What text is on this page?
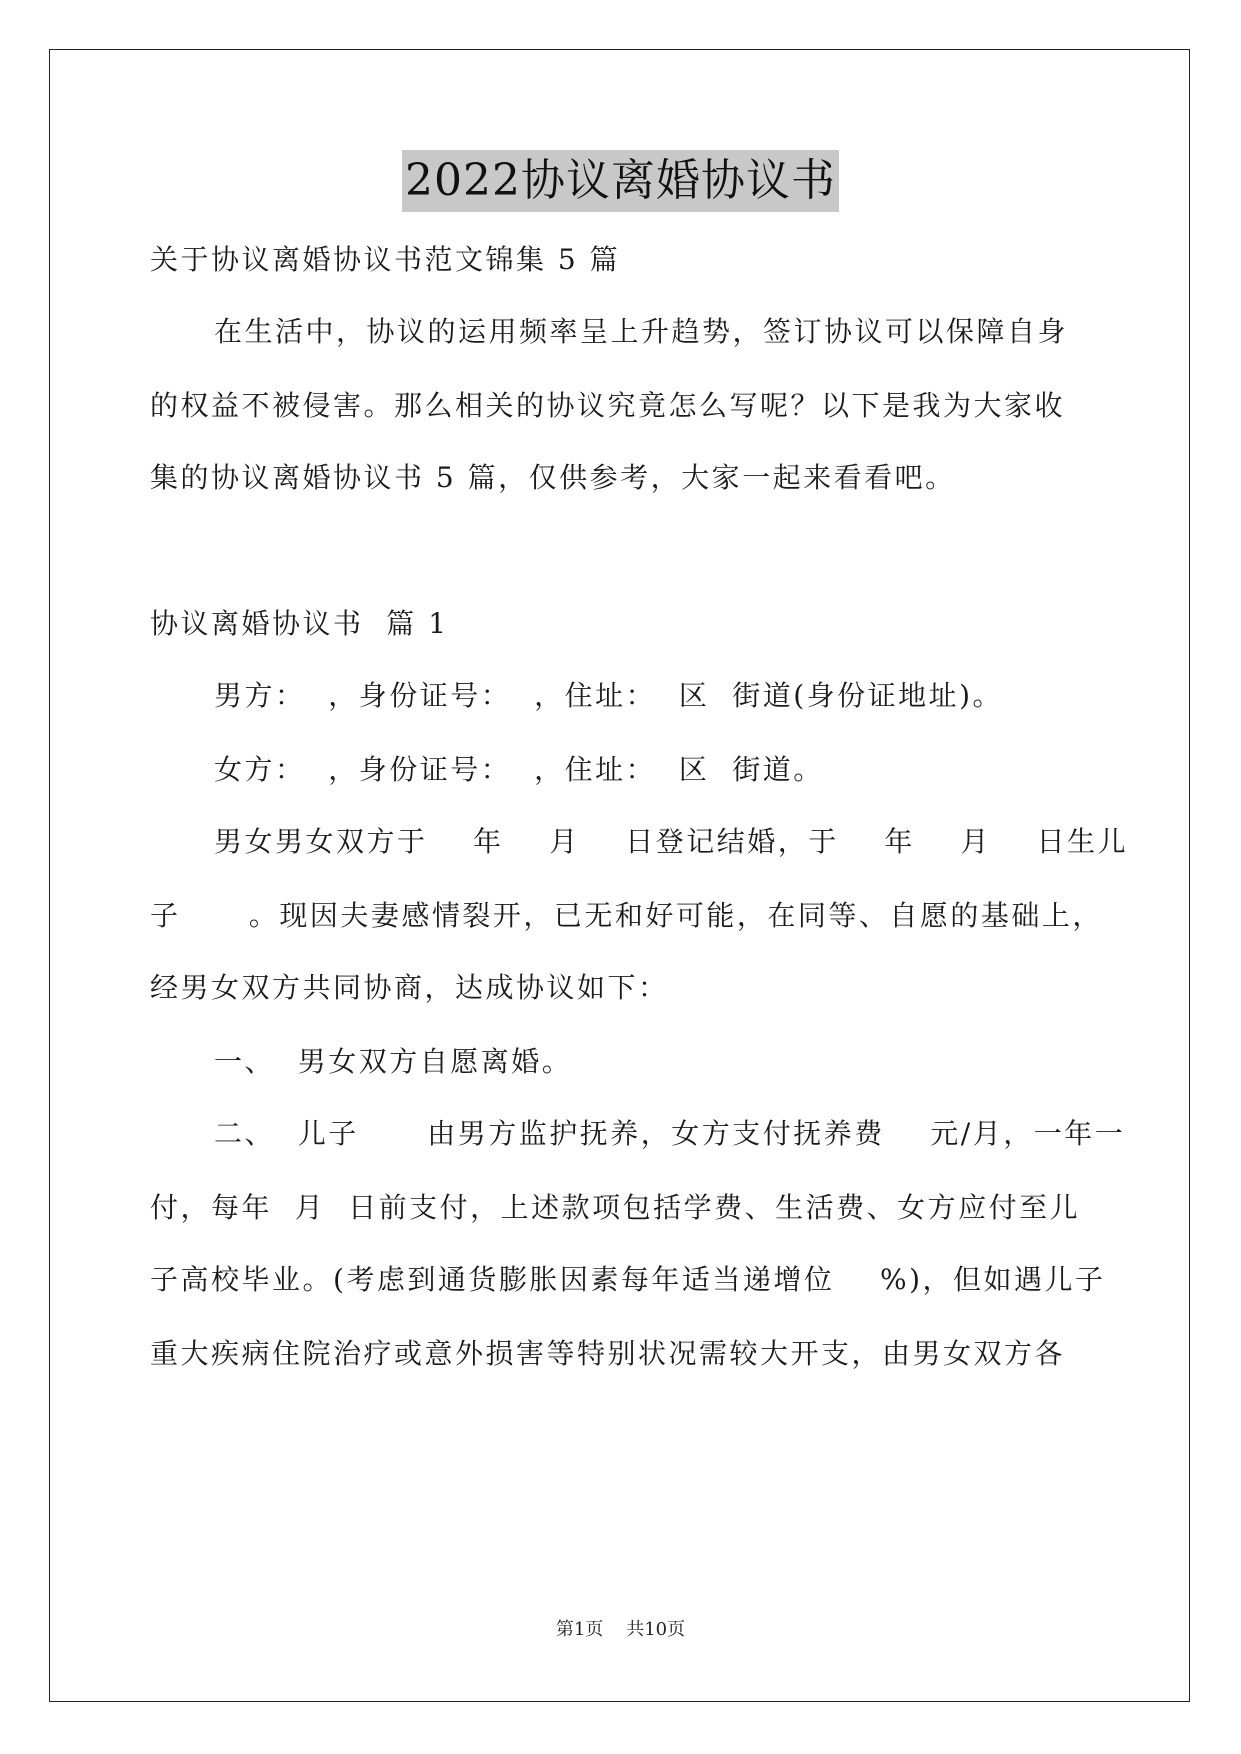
2022协议离婚协议书
关于协议离婚协议书范文锦集 5 篇
在生活中，协议的运用频率呈上升趋势，签订协议可以保障自身
的权益不被侵害。那么相关的协议究竟怎么写呢？以下是我为大家收
集的协议离婚协议书 5 篇，仅供参考，大家一起来看看吧。
协议离婚协议书  篇 1
男方：  ，身份证号：  ，住址：  区  街道(身份证地址)。
女方：  ，身份证号：  ，住址：  区  街道。
男女男女双方于    年    月    日登记结婚，于    年    月    日生儿
子      。现因夫妻感情裂开，已无和好可能，在同等、自愿的基础上，
经男女双方共同协商，达成协议如下：
一、  男女双方自愿离婚。
二、  儿子      由男方监护抚养，女方支付抚养费    元/月，一年一
付，每年  月  日前支付，上述款项包括学费、生活费、女方应付至儿
子高校毕业。(考虑到通货膨胀因素每年适当递增位    %)，但如遇儿子
重大疾病住院治疗或意外损害等特别状况需较大开支，由男女双方各
第1页    共10页
